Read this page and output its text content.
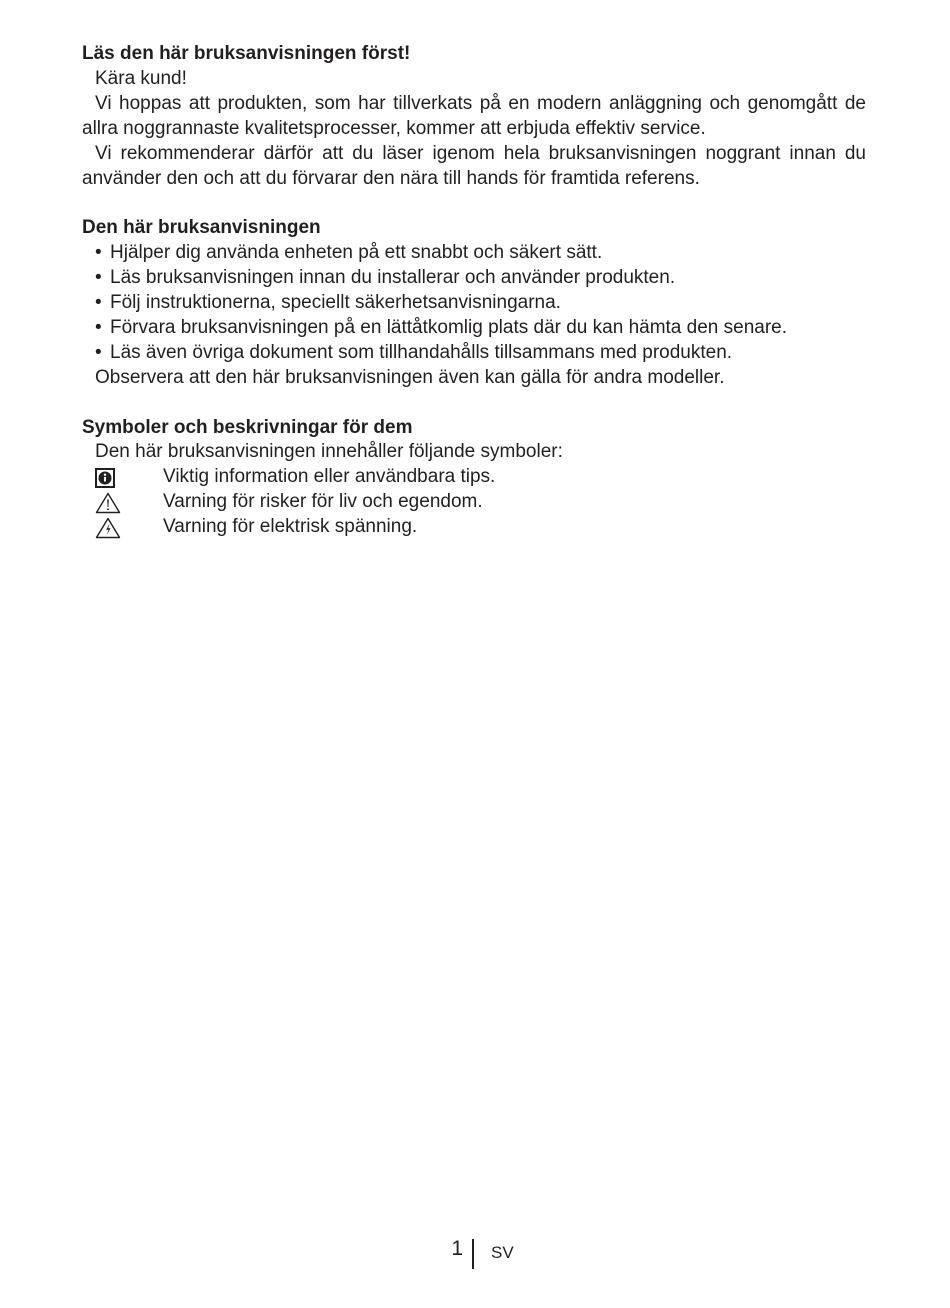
Läs den här bruksanvisningen först!

Kära kund!

Vi hoppas att produkten, som har tillverkats på en modern anläggning och genomgått de allra noggrannaste kvalitetsprocesser, kommer att erbjuda effektiv service.

Vi rekommenderar därför att du läser igenom hela bruksanvisningen noggrant innan du använder den och att du förvarar den nära till hands för framtida referens.

Den här bruksanvisningen
• Hjälper dig använda enheten på ett snabbt och säkert sätt.
• Läs bruksanvisningen innan du installerar och använder produkten.
• Följ instruktionerna, speciellt säkerhetsanvisningarna.
• Förvara bruksanvisningen på en lättåtkomlig plats där du kan hämta den senare.
• Läs även övriga dokument som tillhandahålls tillsammans med produkten.

Observera att den här bruksanvisningen även kan gälla för andra modeller.

Symboler och beskrivningar för dem

Den här bruksanvisningen innehåller följande symboler:

Viktig information eller användbara tips.
Varning för risker för liv och egendom.
Varning för elektrisk spänning.
1 SV
